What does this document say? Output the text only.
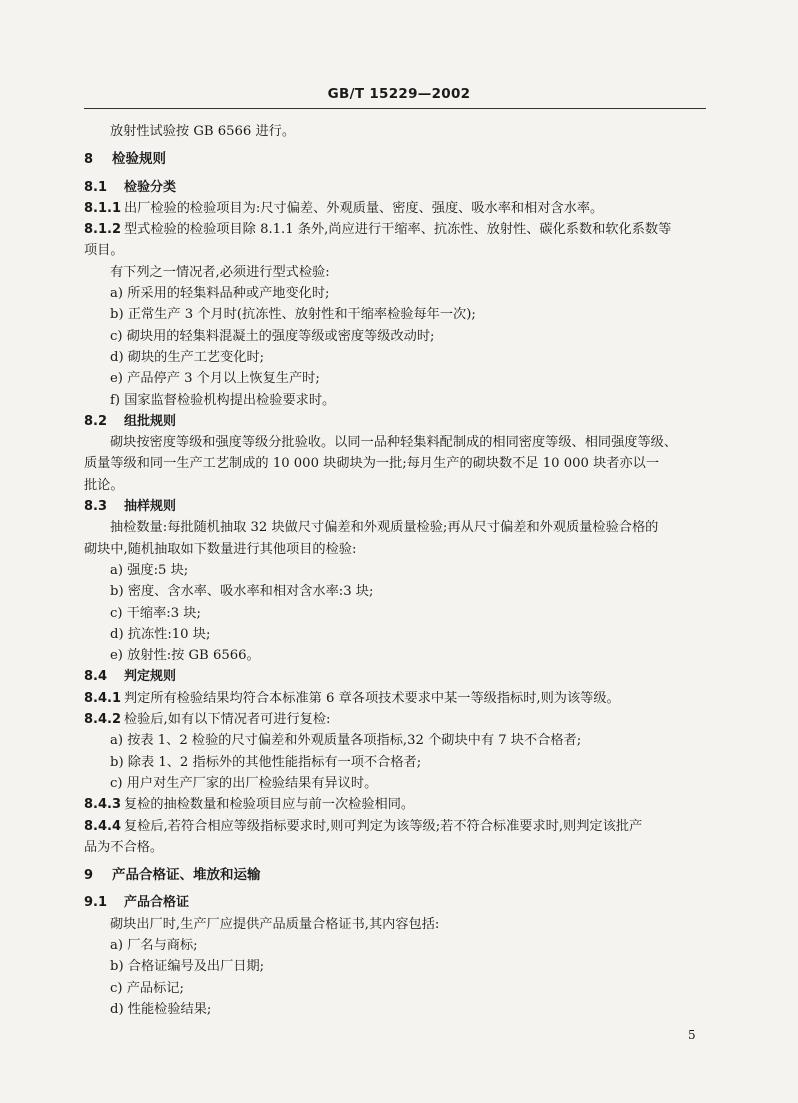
GB/T 15229—2002
放射性试验按 GB 6566 进行。
8 检验规则
8.1 检验分类
8.1.1 出厂检验的检验项目为:尺寸偏差、外观质量、密度、强度、吸水率和相对含水率。
8.1.2 型式检验的检验项目除 8.1.1 条外,尚应进行干缩率、抗冻性、放射性、碳化系数和软化系数等
项目。
有下列之一情况者,必须进行型式检验:
a) 所采用的轻集料品种或产地变化时;
b) 正常生产 3 个月时(抗冻性、放射性和干缩率检验每年一次);
c) 砌块用的轻集料混凝土的强度等级或密度等级改动时;
d) 砌块的生产工艺变化时;
e) 产品停产 3 个月以上恢复生产时;
f) 国家监督检验机构提出检验要求时。
8.2 组批规则
砌块按密度等级和强度等级分批验收。以同一品种轻集料配制成的相同密度等级、相同强度等级、
质量等级和同一生产工艺制成的 10 000 块砌块为一批;每月生产的砌块数不足 10 000 块者亦以一
批论。
8.3 抽样规则
抽检数量:每批随机抽取 32 块做尺寸偏差和外观质量检验;再从尺寸偏差和外观质量检验合格的
砌块中,随机抽取如下数量进行其他项目的检验:
a) 强度:5 块;
b) 密度、含水率、吸水率和相对含水率:3 块;
c) 干缩率:3 块;
d) 抗冻性:10 块;
e) 放射性:按 GB 6566。
8.4 判定规则
8.4.1 判定所有检验结果均符合本标准第 6 章各项技术要求中某一等级指标时,则为该等级。
8.4.2 检验后,如有以下情况者可进行复检:
a) 按表 1、2 检验的尺寸偏差和外观质量各项指标,32 个砌块中有 7 块不合格者;
b) 除表 1、2 指标外的其他性能指标有一项不合格者;
c) 用户对生产厂家的出厂检验结果有异议时。
8.4.3 复检的抽检数量和检验项目应与前一次检验相同。
8.4.4 复检后,若符合相应等级指标要求时,则可判定为该等级;若不符合标准要求时,则判定该批产
品为不合格。
9 产品合格证、堆放和运输
9.1 产品合格证
砌块出厂时,生产厂应提供产品质量合格证书,其内容包括:
a) 厂名与商标;
b) 合格证编号及出厂日期;
c) 产品标记;
d) 性能检验结果;
5
